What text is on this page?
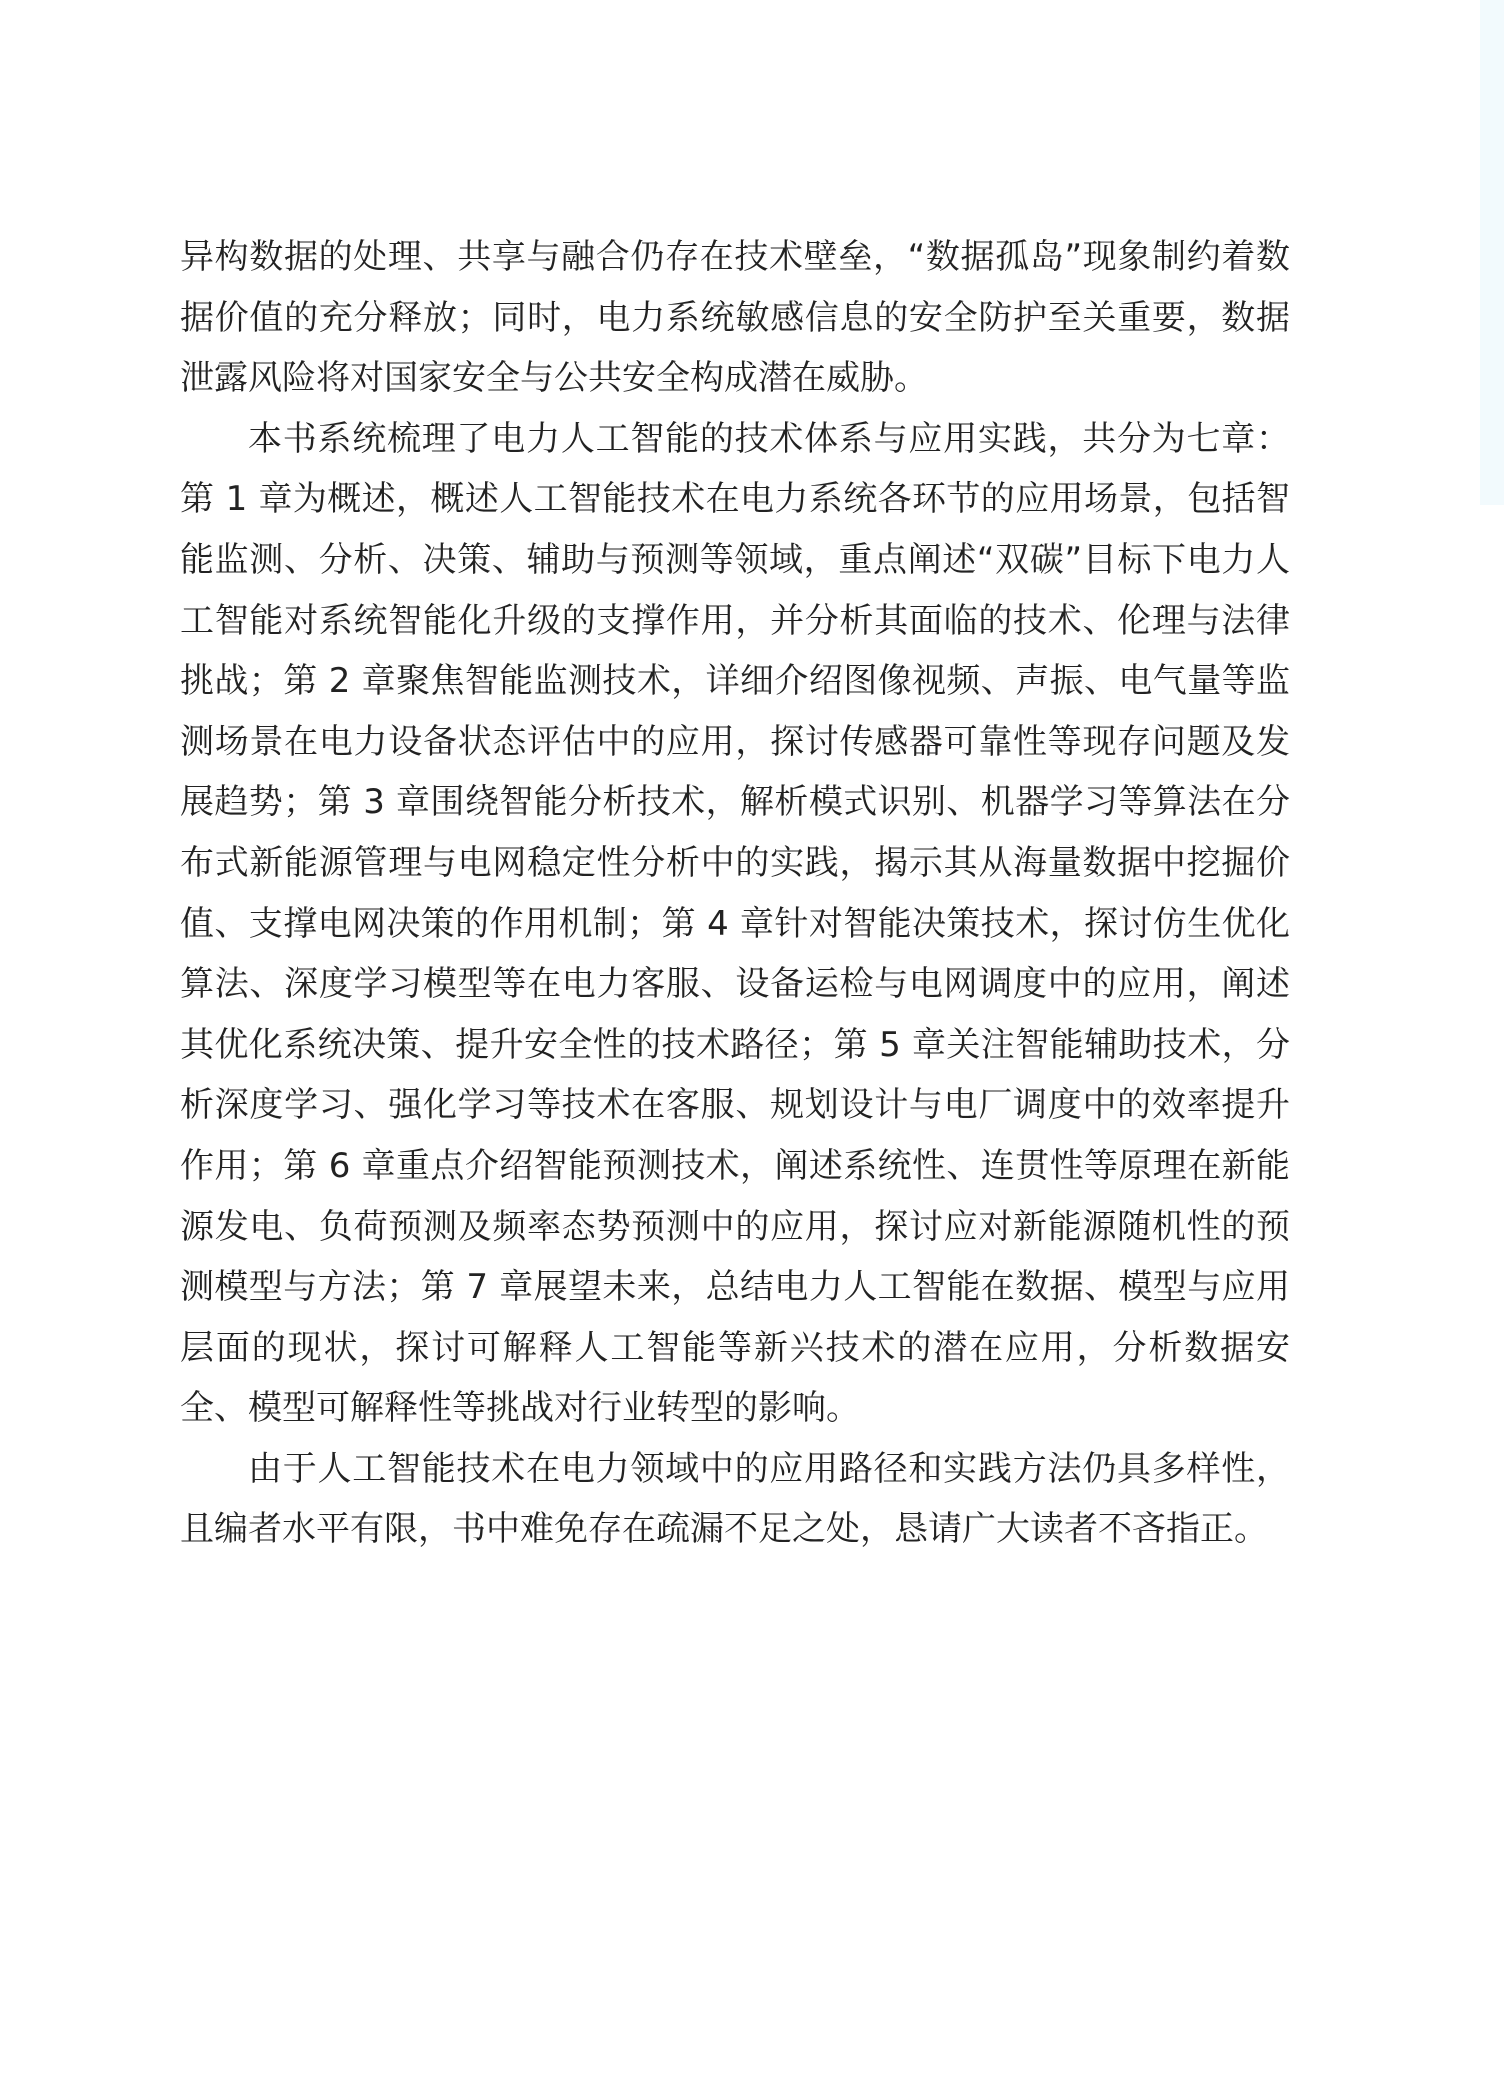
异构数据的处理、共享与融合仍存在技术壁垒，“数据孤岛”现象制约着数据价值的充分释放；同时，电力系统敏感信息的安全防护至关重要，数据泄露风险将对国家安全与公共安全构成潜在威胁。

本书系统梳理了电力人工智能的技术体系与应用实践，共分为七章：第 1 章为概述，概述人工智能技术在电力系统各环节的应用场景，包括智能监测、分析、决策、辅助与预测等领域，重点阐述“双碳”目标下电力人工智能对系统智能化升级的支撑作用，并分析其面临的技术、伦理与法律挑战；第 2 章聚焦智能监测技术，详细介绍图像视频、声振、电气量等监测场景在电力设备状态评估中的应用，探讨传感器可靠性等现存问题及发展趋势；第 3 章围绕智能分析技术，解析模式识别、机器学习等算法在分布式新能源管理与电网稳定性分析中的实践，揭示其从海量数据中挖掘价值、支撑电网决策的作用机制；第 4 章针对智能决策技术，探讨仿生优化算法、深度学习模型等在电力客服、设备运检与电网调度中的应用，阐述其优化系统决策、提升安全性的技术路径；第 5 章关注智能辅助技术，分析深度学习、强化学习等技术在客服、规划设计与电厂调度中的效率提升作用；第 6 章重点介绍智能预测技术，阐述系统性、连贯性等原理在新能源发电、负荷预测及频率态势预测中的应用，探讨应对新能源随机性的预测模型与方法；第 7 章展望未来，总结电力人工智能在数据、模型与应用层面的现状，探讨可解释人工智能等新兴技术的潜在应用，分析数据安全、模型可解释性等挑战对行业转型的影响。

由于人工智能技术在电力领域中的应用路径和实践方法仍具多样性，且编者水平有限，书中难免存在疏漏不足之处，恳请广大读者不吝指正。
